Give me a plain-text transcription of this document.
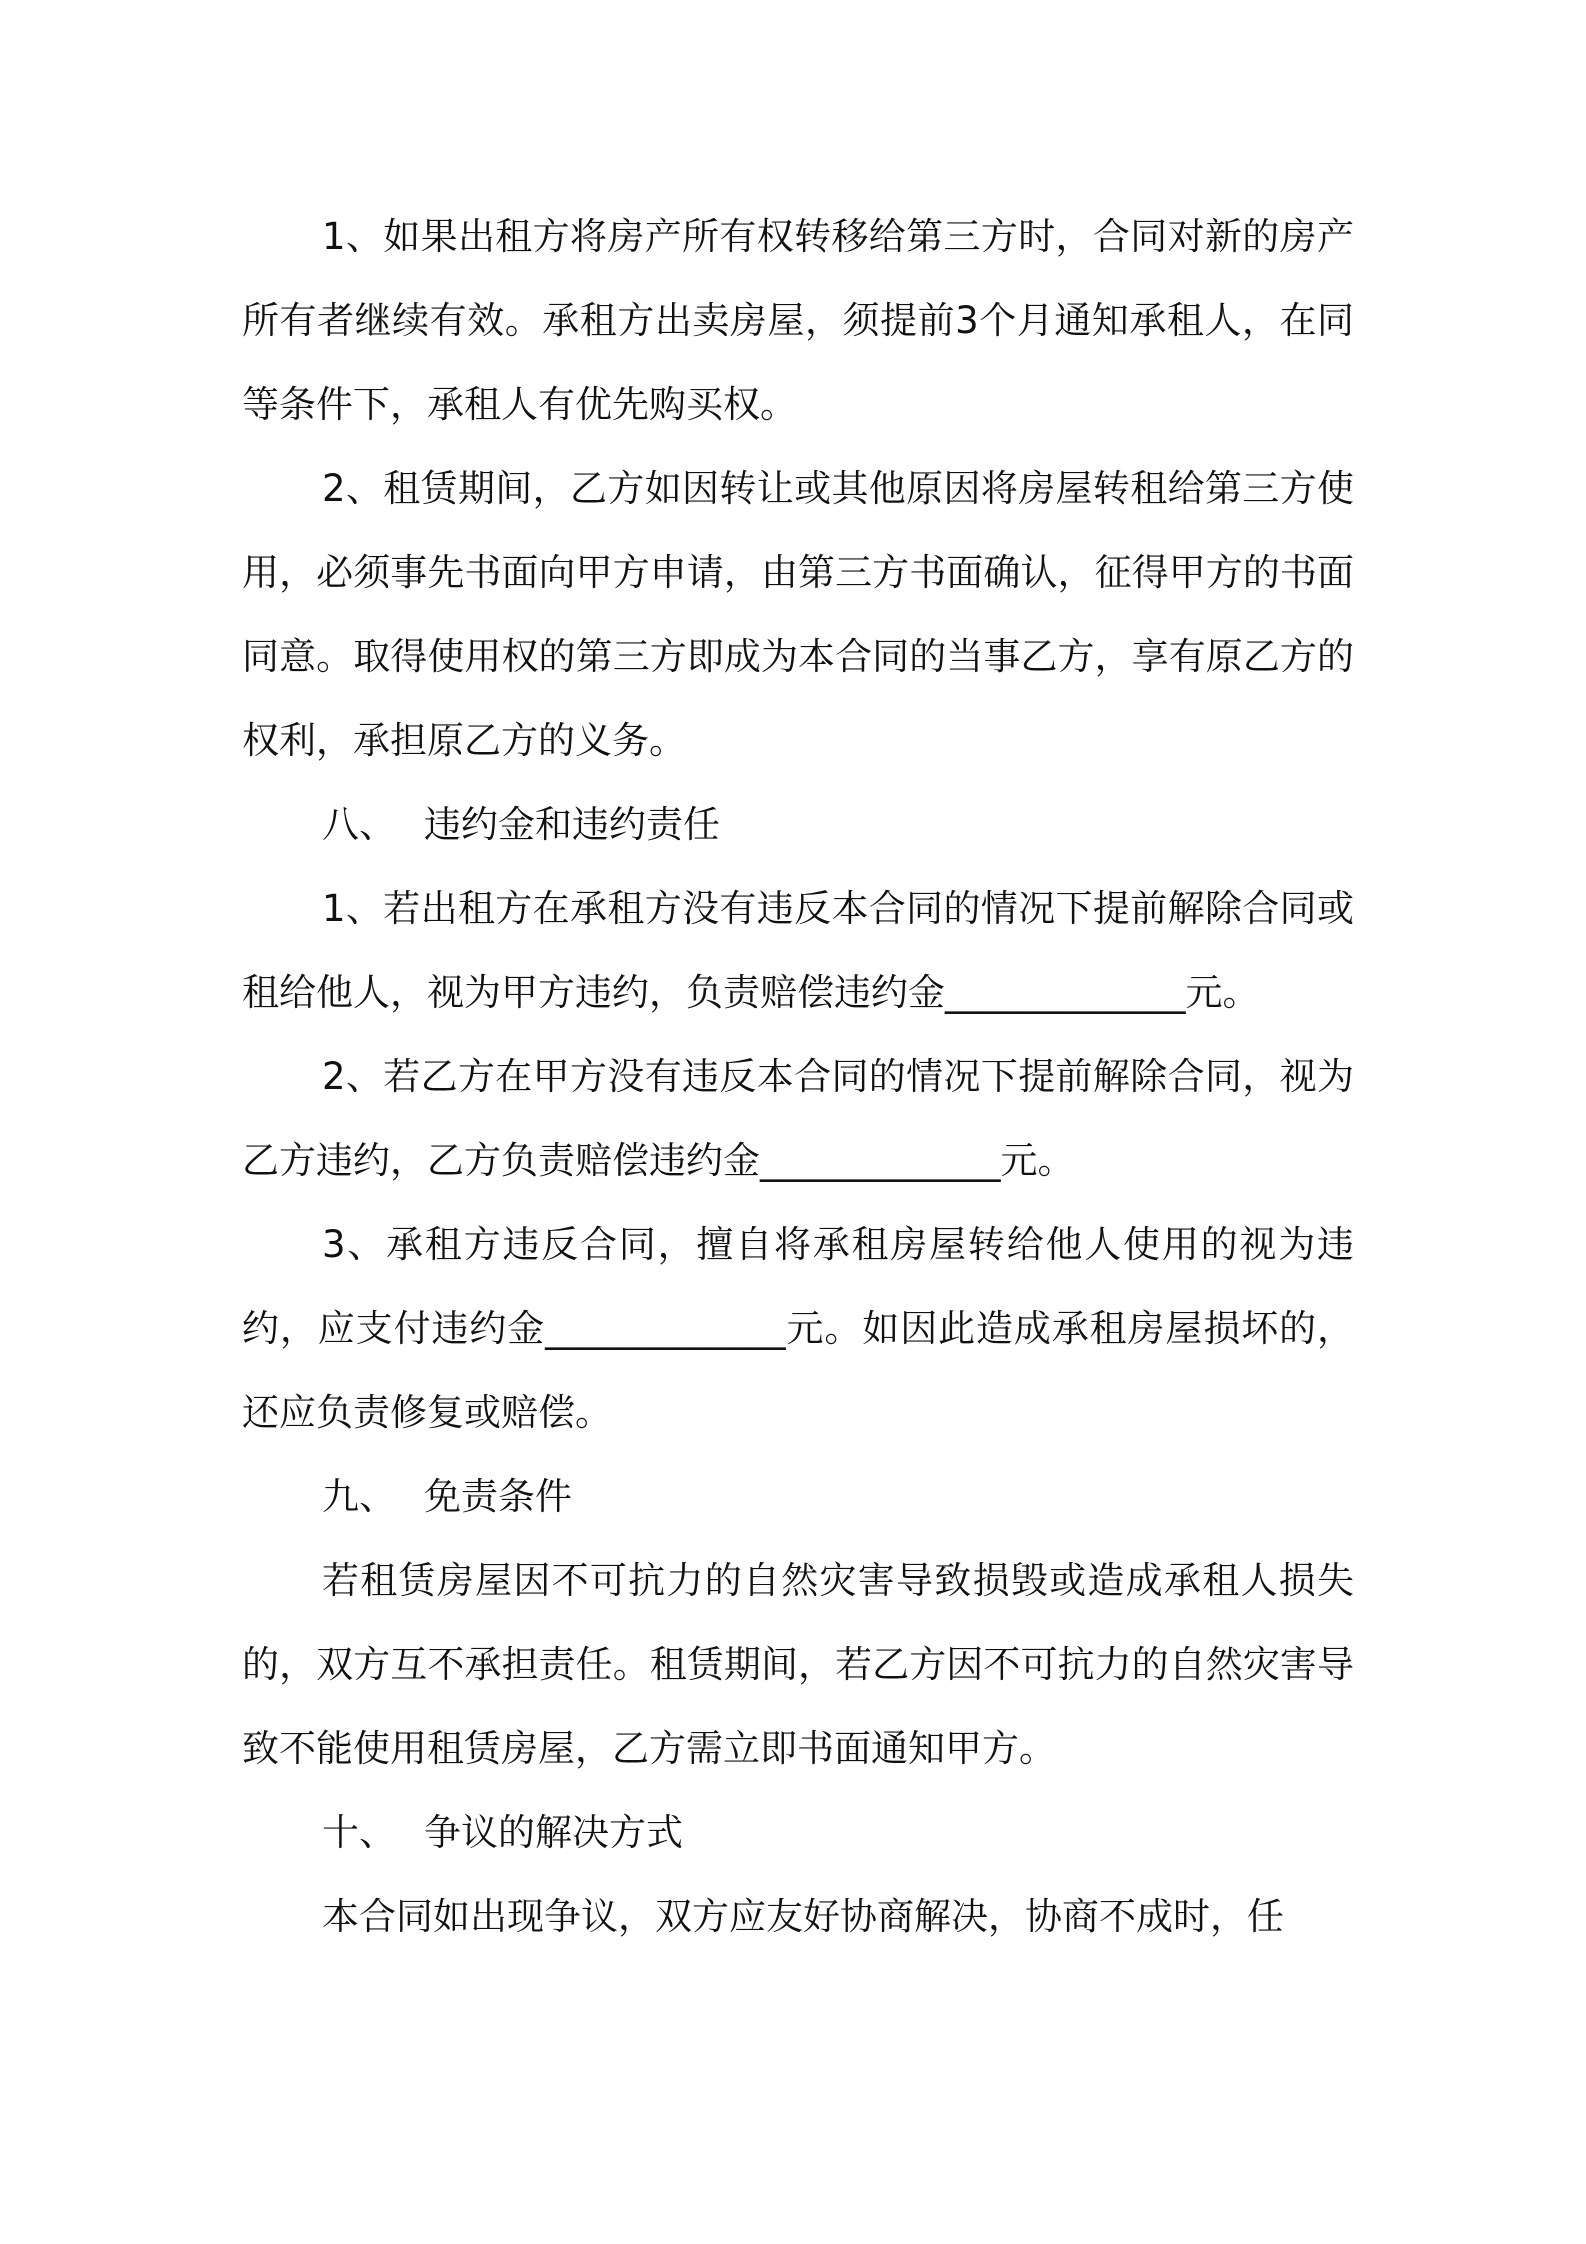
1、如果出租方将房产所有权转移给第三方时，合同对新的房产所有者继续有效。承租方出卖房屋，须提前3个月通知承租人，在同等条件下，承租人有优先购买权。

2、租赁期间，乙方如因转让或其他原因将房屋转租给第三方使用，必须事先书面向甲方申请，由第三方书面确认，征得甲方的书面同意。取得使用权的第三方即成为本合同的当事乙方，享有原乙方的权利，承担原乙方的义务。

八、 违约金和违约责任

1、若出租方在承租方没有违反本合同的情况下提前解除合同或租给他人，视为甲方违约，负责赔偿违约金_____________元。

2、若乙方在甲方没有违反本合同的情况下提前解除合同，视为乙方违约，乙方负责赔偿违约金_____________元。

3、承租方违反合同，擅自将承租房屋转给他人使用的视为违约，应支付违约金_____________元。如因此造成承租房屋损坏的，还应负责修复或赔偿。

九、 免责条件

若租赁房屋因不可抗力的自然灾害导致损毁或造成承租人损失的，双方互不承担责任。租赁期间，若乙方因不可抗力的自然灾害导致不能使用租赁房屋，乙方需立即书面通知甲方。

十、 争议的解决方式

本合同如出现争议，双方应友好协商解决，协商不成时，任
